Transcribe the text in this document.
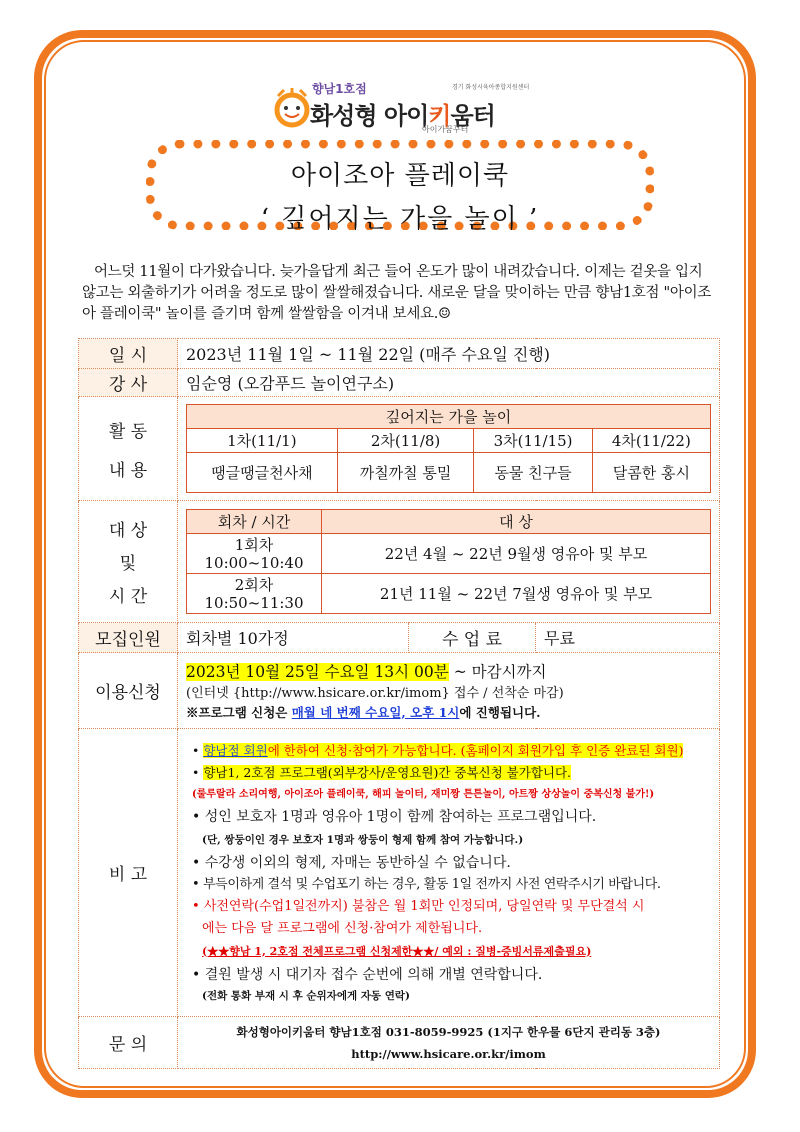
향남1호점
화성형 아이키움터
아이가꿈꾸터
경기 화성시육아종합지원센터
아이조아 플레이쿡
‘ 깊어지는 가을 놀이 ’
어느덧 11월이 다가왔습니다. 늦가을답게 최근 들어 온도가 많이 내려갔습니다. 이제는 겉옷을 입지 않고는 외출하기가 어려울 정도로 많이 쌀쌀해졌습니다. 새로운 달을 맞이하는 만큼 향남1호점 "아이조아 플레이쿡" 놀이를 즐기며 함께 쌀쌀함을 이겨내 보세요.☺
일 시	2023년 11월 1일 ~ 11월 22일 (매주 수요일 진행)
강 사	임순영 (오감푸드 놀이연구소)

활 동
내 용

깊어지는 가을 놀이
1차(11/1)	2차(11/8)	3차(11/15)	4차(11/22)
땡글땡글천사채	까칠까칠 통밀	동물 친구들	달콤한 홍시

대 상
및
시 간

회차 / 시간	대 상

1회차
10:00~10:40	22년 4월 ~ 22년 9월생 영유아 및 부모

2회차
10:50~11:30	21년 11월 ~ 22년 7월생 영유아 및 부모

모집인원	회차별 10가정	수 업 료	무료
이용신청	
2023년 10월 25일 수요일 13시 00분 ~ 마감시까지
(인터넷 {http://www.hsicare.or.kr/imom} 접수 / 선착순 마감)
※프로그램 신청은 매월 네 번째 수요일, 오후 1시에 진행됩니다.

비 고	
• 향남점 회원에 한하여 신청·참여가 가능합니다. (홈페이지 회원가입 후 인증 완료된 회원)
• 향남1, 2호점 프로그램(외부강사/운영요원)간 중복신청 불가합니다.
(룰루랄라 소리여행, 아이조아 플레이쿡, 해피 놀이터, 재미짱 튼튼놀이, 아트짱 상상놀이 중복신청 불가!)
• 성인 보호자 1명과 영유아 1명이 함께 참여하는 프로그램입니다.
(단, 쌍둥이인 경우 보호자 1명과 쌍둥이 형제 함께 참여 가능합니다.)
• 수강생 이외의 형제, 자매는 동반하실 수 없습니다.
• 부득이하게 결석 및 수업포기 하는 경우, 활동 1일 전까지 사전 연락주시기 바랍니다.
• 사전연락(수업1일전까지) 불참은 월 1회만 인정되며, 당일연락 및 무단결석 시
에는 다음 달 프로그램에 신청·참여가 제한됩니다.
(★★향남 1, 2호점 전체프로그램 신청제한★★/ 예외 : 질병-증빙서류제출필요)
• 결원 발생 시 대기자 접수 순번에 의해 개별 연락합니다.
(전화 통화 부재 시 후 순위자에게 자동 연락)

문 의	
화성형아이키움터 향남1호점 031-8059-9925 (1지구 한우물 6단지 관리동 3층)
http://www.hsicare.or.kr/imom
